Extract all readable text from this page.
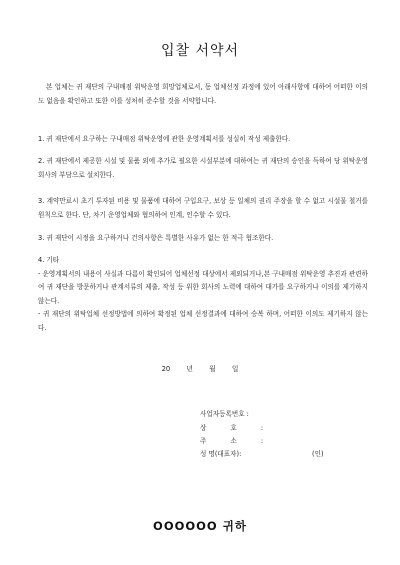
입찰 서약서
본 업체는 귀 재단의 구내매점 위탁운영 희망업체로서, 동 업체선정 과정에 있어 아래사항에 대하여 어떠한 이의도 없음을 확인하고 또한 이를 성처히 준수할 것을 서약합니다.
1. 귀 재단에서 요구하는 구내매점 위탁운영에 관한 운영계획서를 성실히 작성 제출한다.
2. 귀 재단에서 제공한 시설 및 물품 외에 추가로 필요한 시설부분에 대하여는 귀 재단의 승인을 득하여 당 위탁운영회사의 부담으로 설치한다.
3. 계약만료시 초기 투자된 비용 및 물품에 대하여 구입요구, 보상 등 일체의 권리 주장을 할 수 없고 시설물 철거를 원칙으로 한다. 단, 차기 운영업체와 협의하여 인계, 인수할 수 있다.
3. 귀 재단이 시정을 요구하거나 건의사항은 특별한 사유가 없는 한 적극 협조한다.
4. 기타
- 운영계획서의 내용이 사실과 다름이 확인되어 업체선정 대상에서 제외되거나,본 구내매점 위탁운영 추진과 관련하여 귀 재단을 방문하거나 관계서류의 제출, 작성 등 위한 회사의 노력에 대하여 대가를 요구하거나 이의를 제기하지 않는다.
- 귀 재단의 위탁업체 선정방법에 의하여 확정된 업체 선정결과에 대하여 승복 하며, 어떠한 이의도 제기하지 않는다.
20 년 월 일
사업자등록번호 :
상 호 :
주 소 :
성 명(대표자):	(인)
OOOOOO 귀하
